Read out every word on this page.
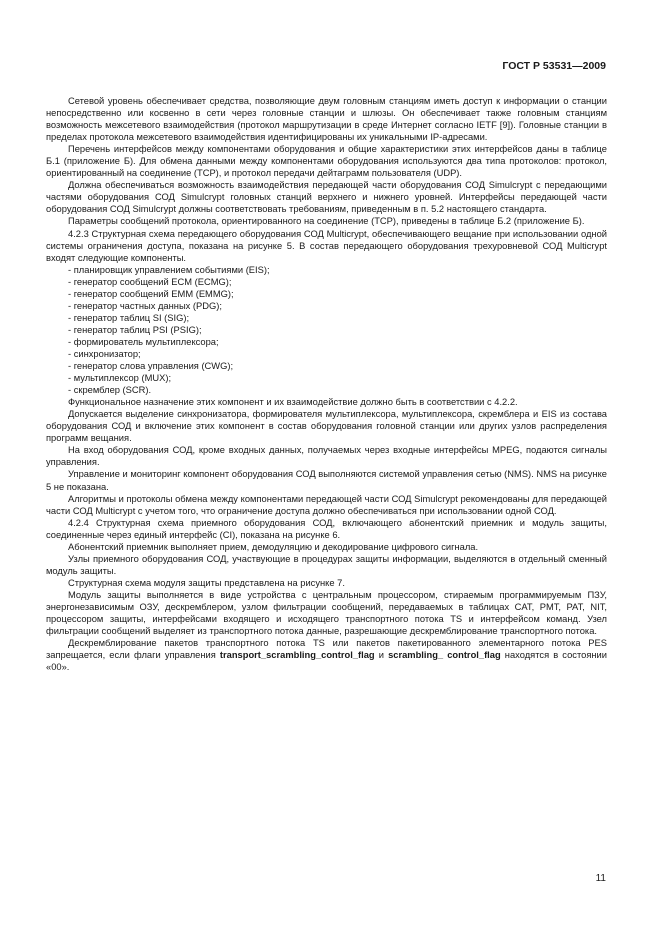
ГОСТ Р 53531—2009

Сетевой уровень обеспечивает средства, позволяющие двум головным станциям иметь доступ к информации о станции непосредственно или косвенно в сети через головные станции и шлюзы. Он обеспечивает также головным станциям возможность межсетевого взаимодействия (протокол маршрутизации в среде Интернет согласно IETF [9]). Головные станции в пределах протокола межсетевого взаимодействия идентифицированы их уникальными IP-адресами.

Перечень интерфейсов между компонентами оборудования и общие характеристики этих интерфейсов даны в таблице Б.1 (приложение Б). Для обмена данными между компонентами оборудования используются два типа протоколов: протокол, ориентированный на соединение (TCP), и протокол передачи дейтаграмм пользователя (UDP).

Должна обеспечиваться возможность взаимодействия передающей части оборудования СОД Simulcrypt с передающими частями оборудования СОД Simulcrypt головных станций верхнего и нижнего уровней. Интерфейсы передающей части оборудования СОД Simulcrypt должны соответствовать требованиям, приведенным в п. 5.2 настоящего стандарта.

Параметры сообщений протокола, ориентированного на соединение (TCP), приведены в таблице Б.2 (приложение Б).

4.2.3 Структурная схема передающего оборудования СОД Multicrypt, обеспечивающего вещание при использовании одной системы ограничения доступа, показана на рисунке 5. В состав передающего оборудования трехуровневой СОД Multicrypt входят следующие компоненты.

- планировщик управлением событиями (EIS);

- генератор сообщений ECM (ECMG);

- генератор сообщений EMM (EMMG);

- генератор частных данных (PDG);

- генератор таблиц SI (SIG);

- генератор таблиц PSI (PSIG);

- формирователь мультиплексора;

- синхронизатор;

- генератор слова управления (CWG);

- мультиплексор (MUX);

- скремблер (SCR).

Функциональное назначение этих компонент и их взаимодействие должно быть в соответствии с 4.2.2.

Допускается выделение синхронизатора, формирователя мультиплексора, мультиплексора, скремблера и EIS из состава оборудования СОД и включение этих компонент в состав оборудования головной станции или других узлов распределения программ вещания.

На вход оборудования СОД, кроме входных данных, получаемых через входные интерфейсы MPEG, подаются сигналы управления.

Управление и мониторинг компонент оборудования СОД выполняются системой управления сетью (NMS). NMS на рисунке 5 не показана.

Алгоритмы и протоколы обмена между компонентами передающей части СОД Simulcrypt рекомендованы для передающей части СОД Multicrypt с учетом того, что ограничение доступа должно обеспечиваться при использовании одной СОД.

4.2.4 Структурная схема приемного оборудования СОД, включающего абонентский приемник и модуль защиты, соединенные через единый интерфейс (CI), показана на рисунке 6.

Абонентский приемник выполняет прием, демодуляцию и декодирование цифрового сигнала.

Узлы приемного оборудования СОД, участвующие в процедурах защиты информации, выделяются в отдельный сменный модуль защиты.

Структурная схема модуля защиты представлена на рисунке 7.

Модуль защиты выполняется в виде устройства с центральным процессором, стираемым программируемым ПЗУ, энергонезависимым ОЗУ, дескремблером, узлом фильтрации сообщений, передаваемых в таблицах CAT, PMT, PAT, NIT, процессором защиты, интерфейсами входящего и исходящего транспортного потока TS и интерфейсом команд. Узел фильтрации сообщений выделяет из транспортного потока данные, разрешающие дескремблирование транспортного потока.

Дескремблирование пакетов транспортного потока TS или пакетов пакетированного элементарного потока PES запрещается, если флаги управления transport_scrambling_control_flag и scrambling_ control_flag находятся в состоянии «00».

11
